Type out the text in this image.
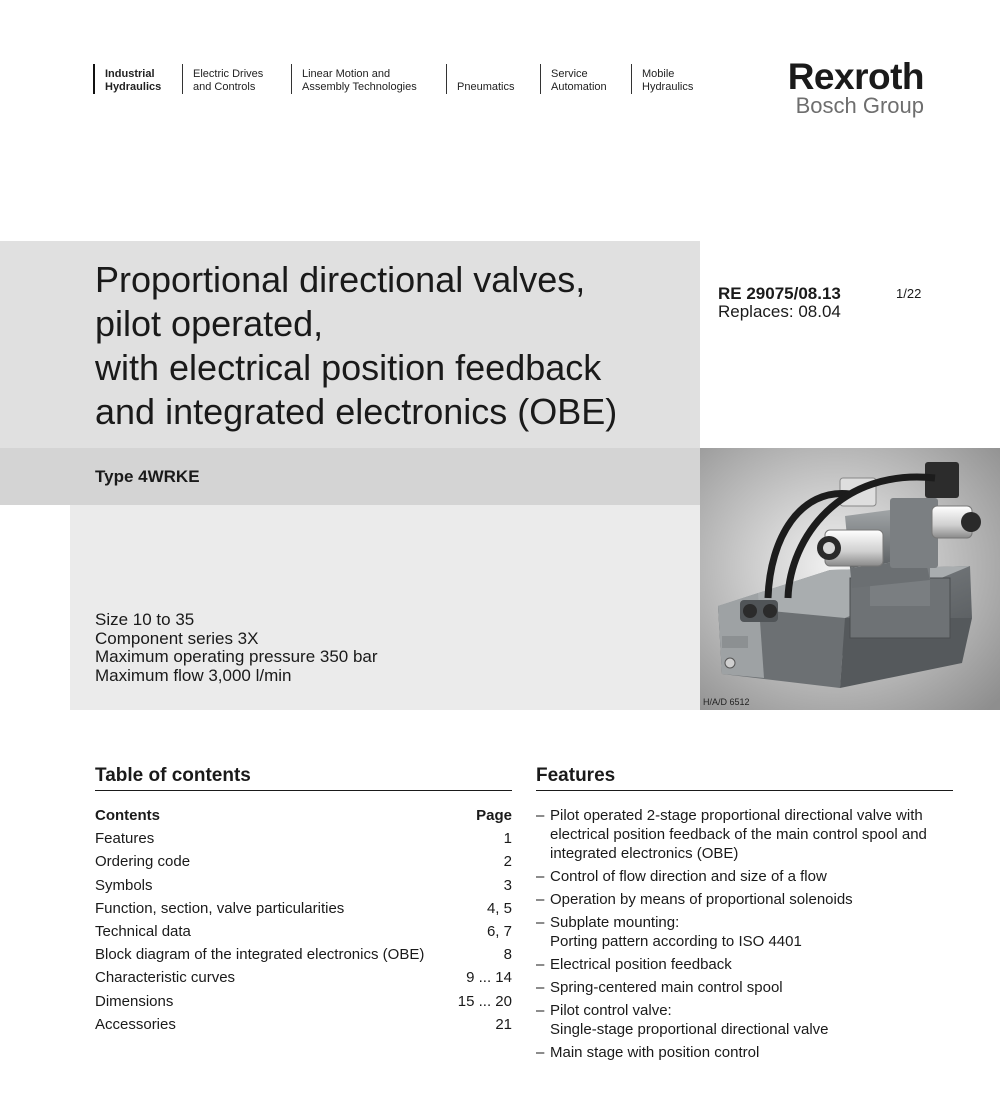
Industrial
Hydraulics
Electric Drives
and Controls
Linear Motion and
Assembly Technologies	Pneumatics
Service
Automation
Mobile
Hydraulics	Rexroth
Bosch Group
Proportional directional valves,
pilot operated,
with electrical position feedback
and integrated electronics (OBE)
RE 29075/08.13
Replaces: 08.04
1/22
Type 4WRKE
Size 10 to 35
Component series 3X
Maximum operating pressure 350 bar
Maximum flow 3,000 l/min
H/A/D 6512
Table of contents
Contents	Page
Features	1
Ordering code	2
Symbols	3
Function, section, valve particularities	4, 5
Technical data	6, 7
Block diagram of the integrated electronics (OBE)	8
Characteristic curves	9 ... 14
Dimensions	15 ... 20
Accessories	21
Features
– Pilot operated 2-stage proportional directional valve with
electrical position feedback of the main control spool and
integrated electronics (OBE)
– Control of flow direction and size of a flow
– Operation by means of proportional solenoids
– Subplate mounting:
Porting pattern according to ISO 4401
– Electrical position feedback
– Spring-centered main control spool
– Pilot control valve:
Single-stage proportional directional valve
– Main stage with position control
